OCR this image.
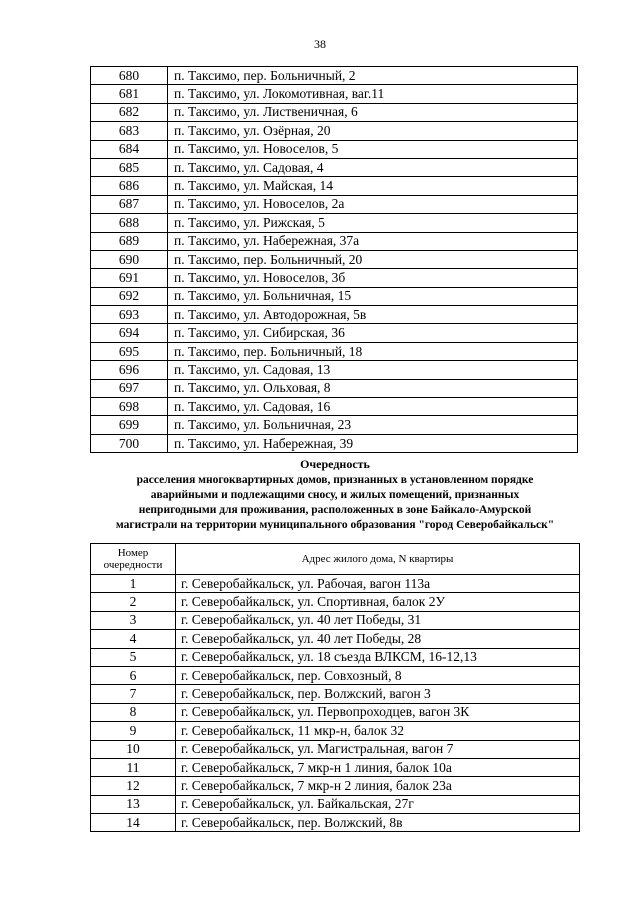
38
680	п. Таксимо, пер. Больничный, 2
681	п. Таксимо, ул. Локомотивная, ваг.11
682	п. Таксимо, ул. Лиственичная, 6
683	п. Таксимо, ул. Озёрная, 20
684	п. Таксимо, ул. Новоселов, 5
685	п. Таксимо, ул. Садовая, 4
686	п. Таксимо, ул. Майская, 14
687	п. Таксимо, ул. Новоселов, 2а
688	п. Таксимо, ул. Рижская, 5
689	п. Таксимо, ул. Набережная, 37а
690	п. Таксимо, пер. Больничный, 20
691	п. Таксимо, ул. Новоселов, 3б
692	п. Таксимо, ул. Больничная, 15
693	п. Таксимо, ул. Автодорожная, 5в
694	п. Таксимо, ул. Сибирская, 36
695	п. Таксимо, пер. Больничный, 18
696	п. Таксимо, ул. Садовая, 13
697	п. Таксимо, ул. Ольховая, 8
698	п. Таксимо, ул. Садовая, 16
699	п. Таксимо, ул. Больничная, 23
700	п. Таксимо, ул. Набережная, 39
Очередность
расселения многоквартирных домов, признанных в установленном порядке
аварийными и подлежащими сносу, и жилых помещений, признанных
непригодными для проживания, расположенных в зоне Байкало-Амурской
магистрали на территории муниципального образования "город Северобайкальск"
Номер
очередности	Адрес жилого дома, N квартиры
1	г. Северобайкальск, ул. Рабочая, вагон 113а
2	г. Северобайкальск, ул. Спортивная, балок 2У
3	г. Северобайкальск, ул. 40 лет Победы, 31
4	г. Северобайкальск, ул. 40 лет Победы, 28
5	г. Северобайкальск, ул. 18 съезда ВЛКСМ, 16-12,13
6	г. Северобайкальск, пер. Совхозный, 8
7	г. Северобайкальск, пер. Волжский, вагон 3
8	г. Северобайкальск, ул. Первопроходцев, вагон 3К
9	г. Северобайкальск, 11 мкр-н, балок 32
10	г. Северобайкальск, ул. Магистральная, вагон 7
11	г. Северобайкальск, 7 мкр-н 1 линия, балок 10а
12	г. Северобайкальск, 7 мкр-н 2 линия, балок 23а
13	г. Северобайкальск, ул. Байкальская, 27г
14	г. Северобайкальск, пер. Волжский, 8в
